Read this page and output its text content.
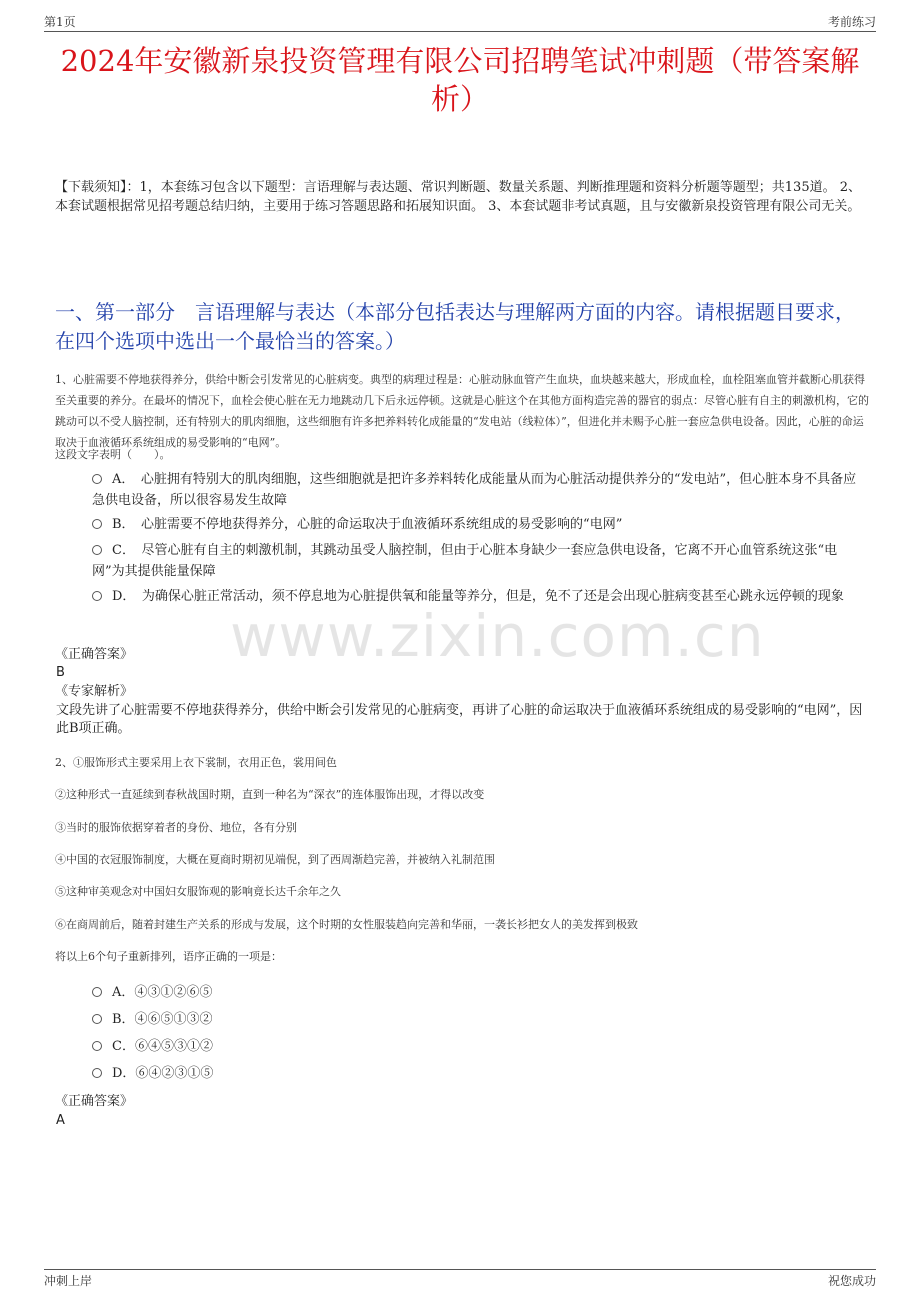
第1页	考前练习
2024年安徽新泉投资管理有限公司招聘笔试冲刺题（带答案解析）
【下载须知】：1，本套练习包含以下题型：言语理解与表达题、常识判断题、数量关系题、判断推理题和资料分析题等题型；共135道。 2、本套试题根据常见招考题总结归纳，主要用于练习答题思路和拓展知识面。 3、本套试题非考试真题，且与安徽新泉投资管理有限公司无关。
一、第一部分　言语理解与表达（本部分包括表达与理解两方面的内容。请根据题目要求，在四个选项中选出一个最恰当的答案。）
www.zixin.com.cn
1、心脏需要不停地获得养分，供给中断会引发常见的心脏病变。典型的病理过程是：心脏动脉血管产生血块，血块越来越大，形成血栓，血栓阻塞血管并截断心肌获得至关重要的养分。在最坏的情况下，血栓会使心脏在无力地跳动几下后永远停顿。这就是心脏这个在其他方面构造完善的器官的弱点：尽管心脏有自主的刺激机构，它的跳动可以不受人脑控制，还有特别大的肌肉细胞，这些细胞有许多把养料转化成能量的“发电站（线粒体）”，但进化并未赐予心脏一套应急供电设备。因此，心脏的命运取决于血液循环系统组成的易受影响的“电网”。
这段文字表明（　　）。
A．　心脏拥有特别大的肌肉细胞，这些细胞就是把许多养料转化成能量从而为心脏活动提供养分的“发电站”，但心脏本身不具备应急供电设备，所以很容易发生故障
B．　心脏需要不停地获得养分，心脏的命运取决于血液循环系统组成的易受影响的“电网”
C．　尽管心脏有自主的刺激机制，其跳动虽受人脑控制，但由于心脏本身缺少一套应急供电设备，它离不开心血管系统这张“电网”为其提供能量保障
D．　为确保心脏正常活动，须不停息地为心脏提供氧和能量等养分，但是，免不了还是会出现心脏病变甚至心跳永远停顿的现象
《正确答案》
B
《专家解析》
文段先讲了心脏需要不停地获得养分，供给中断会引发常见的心脏病变，再讲了心脏的命运取决于血液循环系统组成的易受影响的“电网”，因此B项正确。
2、①服饰形式主要采用上衣下裳制，衣用正色，裳用间色
②这种形式一直延续到春秋战国时期，直到一种名为“深衣”的连体服饰出现，才得以改变
③当时的服饰依据穿着者的身份、地位，各有分别
④中国的衣冠服饰制度，大概在夏商时期初见端倪，到了西周渐趋完善，并被纳入礼制范围
⑤这种审美观念对中国妇女服饰观的影响竟长达千余年之久
⑥在商周前后，随着封建生产关系的形成与发展，这个时期的女性服装趋向完善和华丽，一袭长衫把女人的美发挥到极致
将以上6个句子重新排列，语序正确的一项是：
A．④③①②⑥⑤
B．④⑥⑤①③②
C．⑥④⑤③①②
D．⑥④②③①⑤
《正确答案》
A
冲刺上岸	祝您成功
